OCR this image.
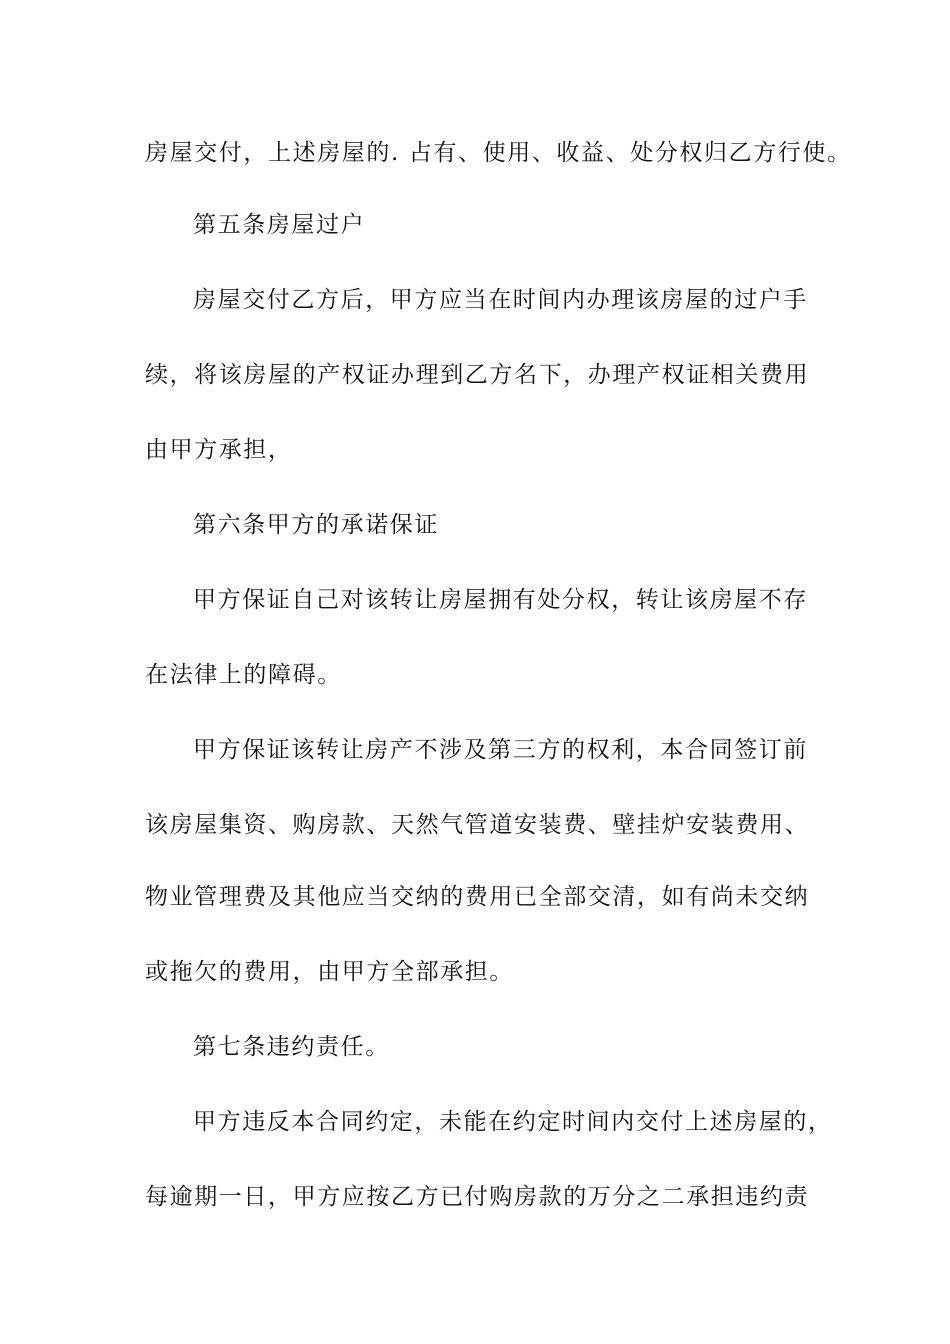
房屋交付，上述房屋的. 占有、使用、收益、处分权归乙方行使。
第五条房屋过户
房屋交付乙方后，甲方应当在时间内办理该房屋的过户手
续，将该房屋的产权证办理到乙方名下，办理产权证相关费用
由甲方承担，
第六条甲方的承诺保证
甲方保证自己对该转让房屋拥有处分权，转让该房屋不存
在法律上的障碍。
甲方保证该转让房产不涉及第三方的权利，本合同签订前
该房屋集资、购房款、天然气管道安装费、壁挂炉安装费用、
物业管理费及其他应当交纳的费用已全部交清，如有尚未交纳
或拖欠的费用，由甲方全部承担。
第七条违约责任。
甲方违反本合同约定，未能在约定时间内交付上述房屋的，
每逾期一日，甲方应按乙方已付购房款的万分之二承担违约责
